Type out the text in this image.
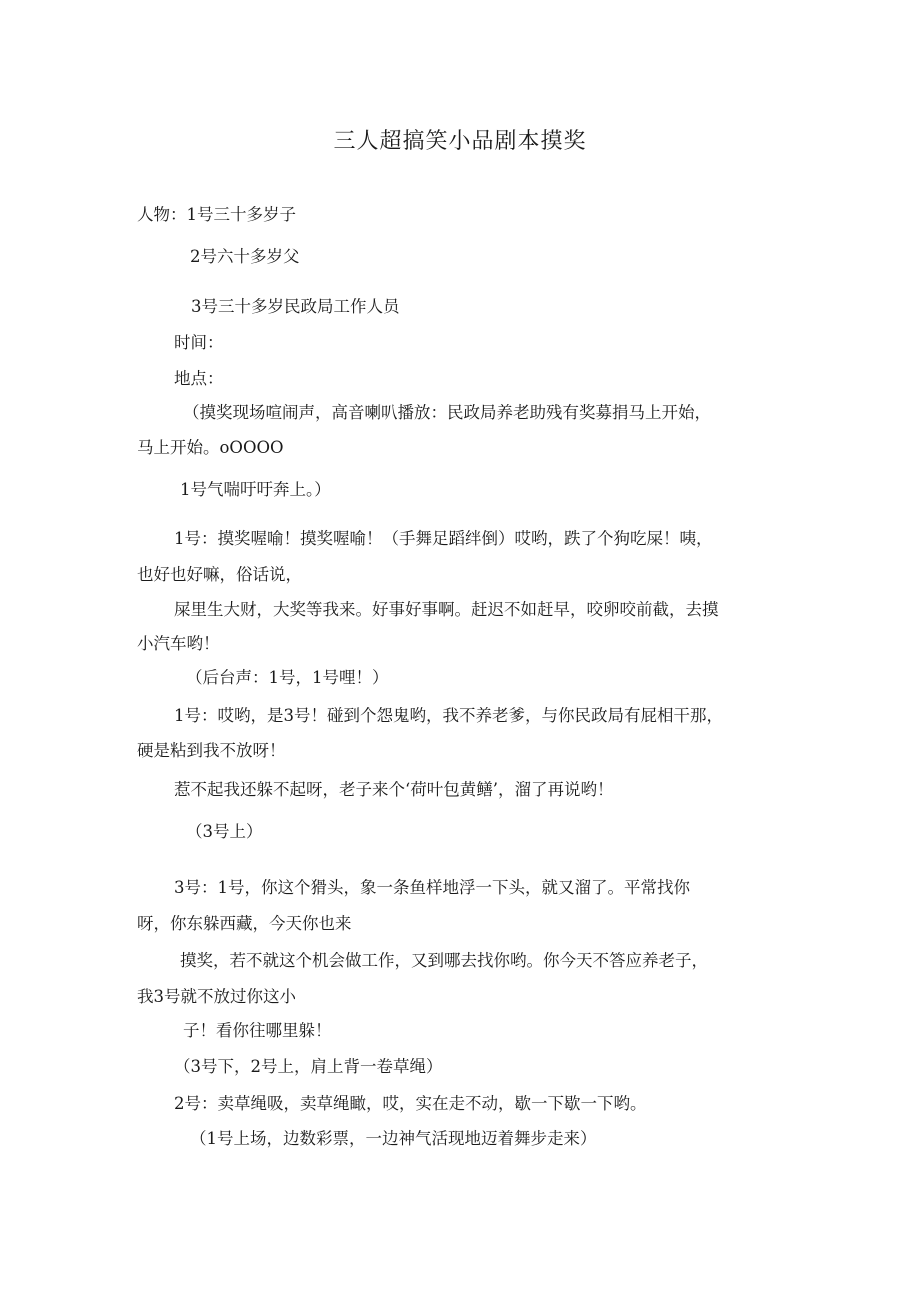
三人超搞笑小品剧本摸奖
人物：1号三十多岁子
2号六十多岁父
3号三十多岁民政局工作人员
时间：
地点：
（摸奖现场喧闹声，高音喇叭播放：民政局养老助残有奖募捐马上开始，
马上开始。oOOOO
1号气喘吁吁奔上。）
1号：摸奖喔喻！摸奖喔喻！（手舞足蹈绊倒）哎哟，跌了个狗吃屎！咦，
也好也好嘛，俗话说，
屎里生大财，大奖等我来。好事好事啊。赶迟不如赶早，咬卵咬前截，去摸
小汽车哟！
（后台声：1号，1号哩！）
1号：哎哟，是3号！碰到个怨鬼哟，我不养老爹，与你民政局有屁相干那，
硬是粘到我不放呀！
惹不起我还躲不起呀，老子来个‘荷叶包黄鳝’，溜了再说哟！
（3号上）
3号：1号，你这个猾头，象一条鱼样地浮一下头，就又溜了。平常找你
呀，你东躲西藏，今天你也来
摸奖，若不就这个机会做工作，又到哪去找你哟。你今天不答应养老子，
我3号就不放过你这小
子！看你往哪里躲！
（3号下，2号上，肩上背一卷草绳）
2号：卖草绳吸，卖草绳瞰，哎，实在走不动，歇一下歇一下哟。
（1号上场，边数彩票，一边神气活现地迈着舞步走来）
